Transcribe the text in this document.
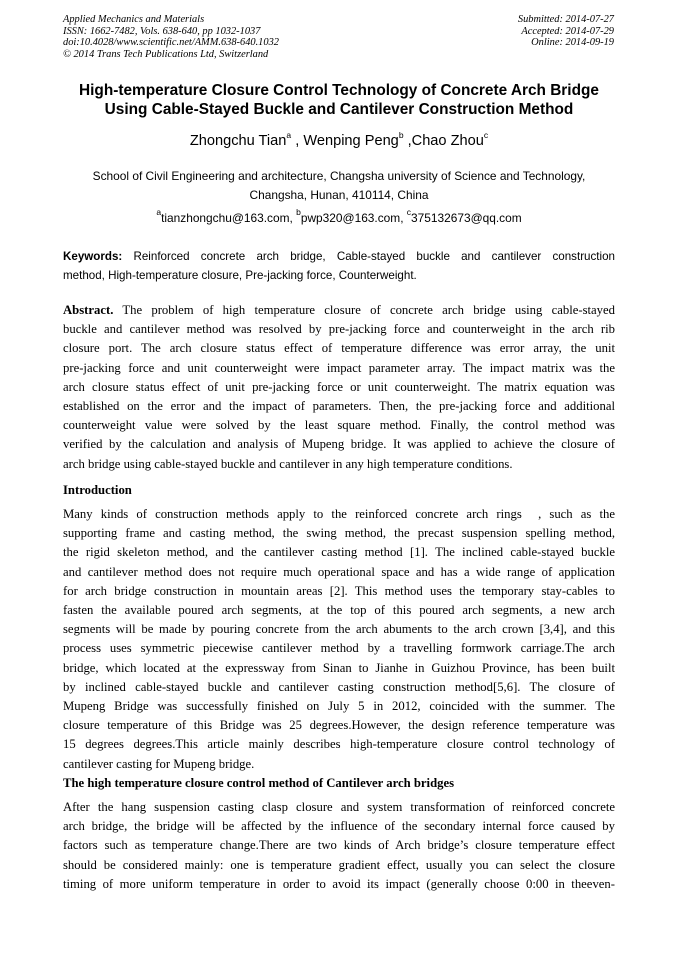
Applied Mechanics and Materials
ISSN: 1662-7482, Vols. 638-640, pp 1032-1037
doi:10.4028/www.scientific.net/AMM.638-640.1032
© 2014 Trans Tech Publications Ltd, Switzerland
Submitted: 2014-07-27
Accepted: 2014-07-29
Online: 2014-09-19
High-temperature Closure Control Technology of Concrete Arch Bridge
Using Cable-Stayed Buckle and Cantilever Construction Method
Zhongchu Tian$^a$ , Wenping Peng$^b$ ,Chao Zhou$^c$
School of Civil Engineering and architecture, Changsha university of Science and Technology,
Changsha, Hunan, 410114, China
$^a$tianzhongchu@163.com, $^b$pwp320@163.com, $^c$375132673@qq.com
Keywords: Reinforced concrete arch bridge, Cable-stayed buckle and cantilever construction
method, High-temperature closure, Pre-jacking force, Counterweight.
Abstract. The problem of high temperature closure of concrete arch bridge using cable-stayed
buckle and cantilever method was resolved by pre-jacking force and counterweight in the arch rib
closure port. The arch closure status effect of temperature difference was error array, the unit
pre-jacking force and unit counterweight were impact parameter array. The impact matrix was the
arch closure status effect of unit pre-jacking force or unit counterweight. The matrix equation was
established on the error and the impact of parameters. Then, the pre-jacking force and additional
counterweight value were solved by the least square method. Finally, the control method was
verified by the calculation and analysis of Mupeng bridge. It was applied to achieve the closure of
arch bridge using cable-stayed buckle and cantilever in any high temperature conditions.
Introduction
Many kinds of construction methods apply to the reinforced concrete arch rings  , such as the
supporting frame and casting method, the swing method, the precast suspension spelling method,
the rigid skeleton method, and the cantilever casting method [1]. The inclined cable-stayed buckle
and cantilever method does not require much operational space and has a wide range of application
for arch bridge construction in mountain areas [2]. This method uses the temporary stay-cables to
fasten the available poured arch segments, at the top of this poured arch segments, a new arch
segments will be made by pouring concrete from the arch abuments to the arch crown [3,4], and this
process uses symmetric piecewise cantilever method by a travelling formwork carriage.The arch
bridge, which located at the expressway from Sinan to Jianhe in Guizhou Province, has been built
by inclined cable-stayed buckle and cantilever casting construction method[5,6]. The closure of
Mupeng Bridge was successfully finished on July 5 in 2012, coincided with the summer. The
closure temperature of this Bridge was 25 degrees.However, the design reference temperature was
15 degrees degrees.This article mainly describes high-temperature closure control technology of
cantilever casting for Mupeng bridge.
The high temperature closure control method of Cantilever arch bridges
After the hang suspension casting clasp closure and system transformation of reinforced concrete
arch bridge, the bridge will be affected by the influence of the secondary internal force caused by
factors such as temperature change.There are two kinds of Arch bridge’s closure temperature effect
should be considered mainly: one is temperature gradient effect, usually you can select the closure
timing of more uniform temperature in order to avoid its impact (generally choose 0:00 in theeven-
